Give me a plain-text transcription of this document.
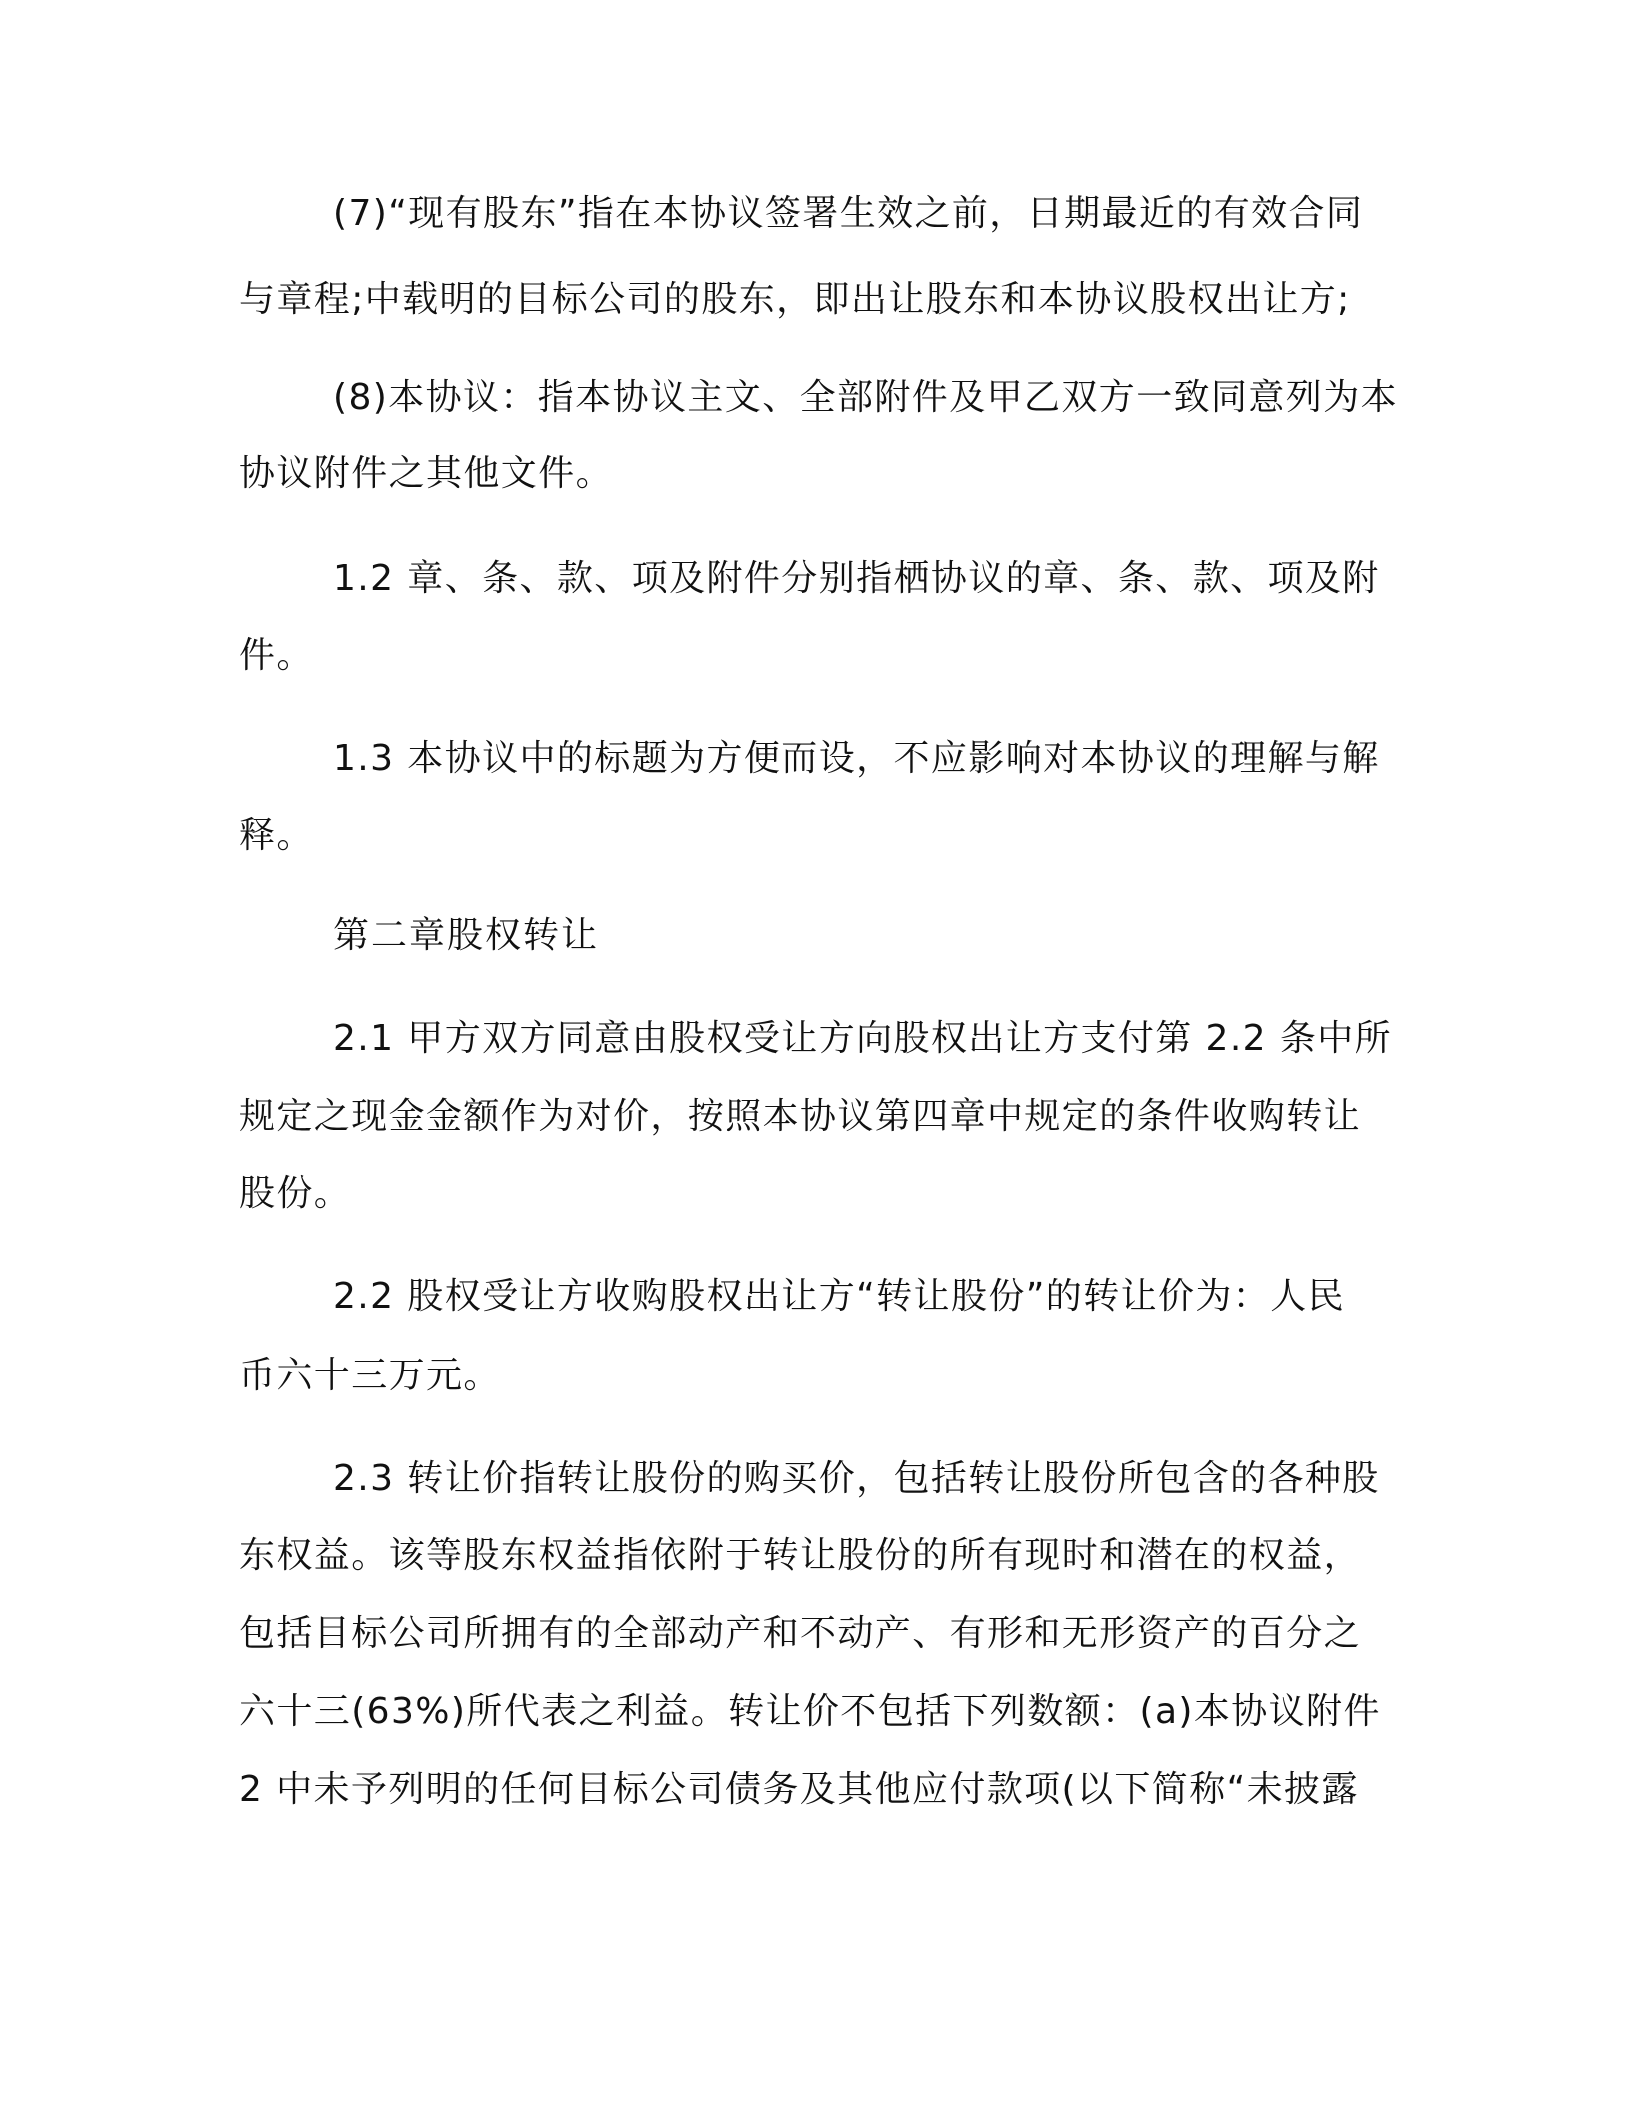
(7)“现有股东”指在本协议签署生效之前，日期最近的有效合同
与章程;中载明的目标公司的股东，即出让股东和本协议股权出让方;
(8)本协议：指本协议主文、全部附件及甲乙双方一致同意列为本
协议附件之其他文件。
1.2 章、条、款、项及附件分别指栖协议的章、条、款、项及附
件。
1.3 本协议中的标题为方便而设，不应影响对本协议的理解与解
释。
第二章股权转让
2.1 甲方双方同意由股权受让方向股权出让方支付第 2.2 条中所
规定之现金金额作为对价，按照本协议第四章中规定的条件收购转让
股份。
2.2 股权受让方收购股权出让方“转让股份”的转让价为：人民
币六十三万元。
2.3 转让价指转让股份的购买价，包括转让股份所包含的各种股
东权益。该等股东权益指依附于转让股份的所有现时和潜在的权益，
包括目标公司所拥有的全部动产和不动产、有形和无形资产的百分之
六十三(63%)所代表之利益。转让价不包括下列数额：(a)本协议附件
2 中未予列明的任何目标公司债务及其他应付款项(以下简称“未披露
